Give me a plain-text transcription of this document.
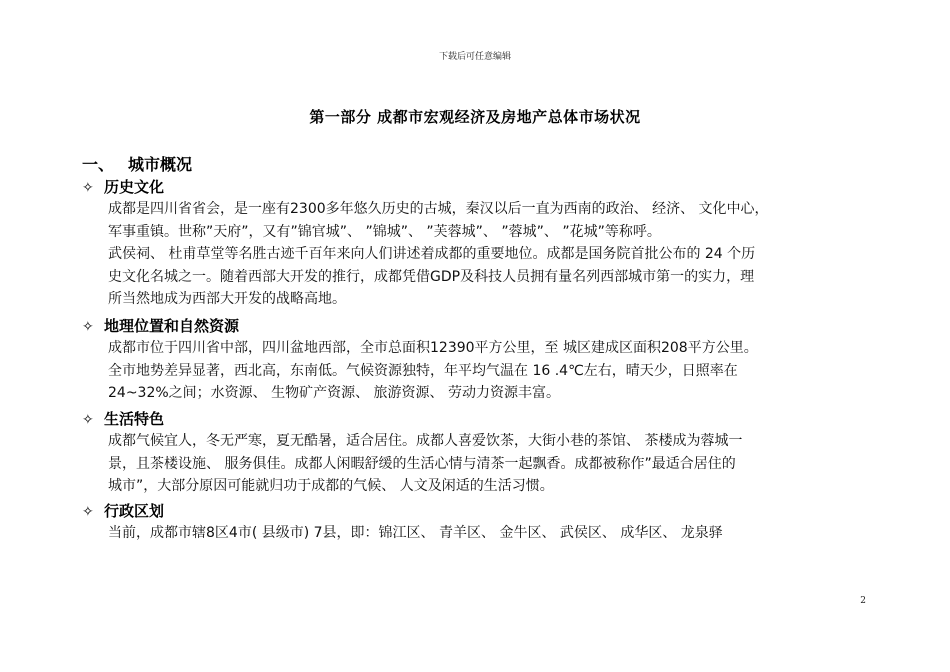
下载后可任意编辑
第一部分 成都市宏观经济及房地产总体市场状况
一、 城市概况
✧ 历史文化
成都是四川省省会，是一座有2300多年悠久历史的古城，秦汉以后一直为西南的政治、 经济、 文化中心，
军事重镇。世称”天府”，又有”锦官城”、 ”锦城”、 ”芙蓉城”、 ”蓉城”、 ”花城”等称呼。
武侯祠、 杜甫草堂等名胜古迹千百年来向人们讲述着成都的重要地位。成都是国务院首批公布的 24 个历
史文化名城之一。随着西部大开发的推行，成都凭借GDP及科技人员拥有量名列西部城市第一的实力，理
所当然地成为西部大开发的战略高地。
✧ 地理位置和自然资源
成都市位于四川省中部，四川盆地西部，全市总面积12390平方公里，至 城区建成区面积208平方公里。
全市地势差异显著，西北高，东南低。气候资源独特，年平均气温在 16 .4℃左右，晴天少，日照率在
24~32%之间；水资源、 生物矿产资源、 旅游资源、 劳动力资源丰富。
✧ 生活特色
成都气候宜人，冬无严寒，夏无酷暑，适合居住。成都人喜爱饮茶，大街小巷的茶馆、 茶楼成为蓉城一
景，且茶楼设施、 服务俱佳。成都人闲暇舒缓的生活心情与清茶一起飘香。成都被称作”最适合居住的
城市”，大部分原因可能就归功于成都的气候、 人文及闲适的生活习惯。
✧ 行政区划
当前，成都市辖8区4市( 县级市) 7县，即：锦江区、 青羊区、 金牛区、 武侯区、 成华区、 龙泉驿
2
